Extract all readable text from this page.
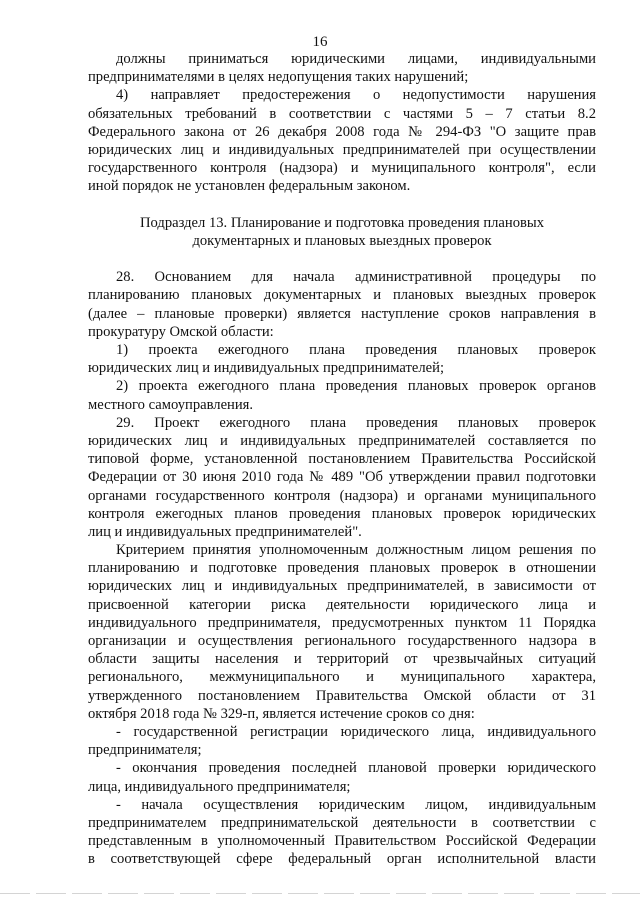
16
должны приниматься юридическими лицами, индивидуальными
предпринимателями в целях недопущения таких нарушений;
4) направляет предостережения о недопустимости нарушения
обязательных требований в соответствии с частями 5 – 7 статьи 8.2
Федерального закона от 26 декабря 2008 года № 294-ФЗ "О защите прав
юридических лиц и индивидуальных предпринимателей при осуществлении
государственного контроля (надзора) и муниципального контроля", если
иной порядок не установлен федеральным законом.
Подраздел 13. Планирование и подготовка проведения плановых
документарных и плановых выездных проверок
28. Основанием для начала административной процедуры по
планированию плановых документарных и плановых выездных проверок
(далее – плановые проверки) является наступление сроков направления в
прокуратуру Омской области:
1) проекта ежегодного плана проведения плановых проверок
юридических лиц и индивидуальных предпринимателей;
2) проекта ежегодного плана проведения плановых проверок органов
местного самоуправления.
29. Проект ежегодного плана проведения плановых проверок
юридических лиц и индивидуальных предпринимателей составляется по
типовой форме, установленной постановлением Правительства Российской
Федерации от 30 июня 2010 года № 489 "Об утверждении правил подготовки
органами государственного контроля (надзора) и органами муниципального
контроля ежегодных планов проведения плановых проверок юридических
лиц и индивидуальных предпринимателей".
Критерием принятия уполномоченным должностным лицом решения по
планированию и подготовке проведения плановых проверок в отношении
юридических лиц и индивидуальных предпринимателей, в зависимости от
присвоенной категории риска деятельности юридического лица и
индивидуального предпринимателя, предусмотренных пунктом 11 Порядка
организации и осуществления регионального государственного надзора в
области защиты населения и территорий от чрезвычайных ситуаций
регионального, межмуниципального и муниципального характера,
утвержденного постановлением Правительства Омской области от 31
октября 2018 года № 329-п, является истечение сроков со дня:
- государственной регистрации юридического лица, индивидуального
предпринимателя;
- окончания проведения последней плановой проверки юридического
лица, индивидуального предпринимателя;
- начала осуществления юридическим лицом, индивидуальным
предпринимателем предпринимательской деятельности в соответствии с
представленным в уполномоченный Правительством Российской Федерации
в соответствующей сфере федеральный орган исполнительной власти
